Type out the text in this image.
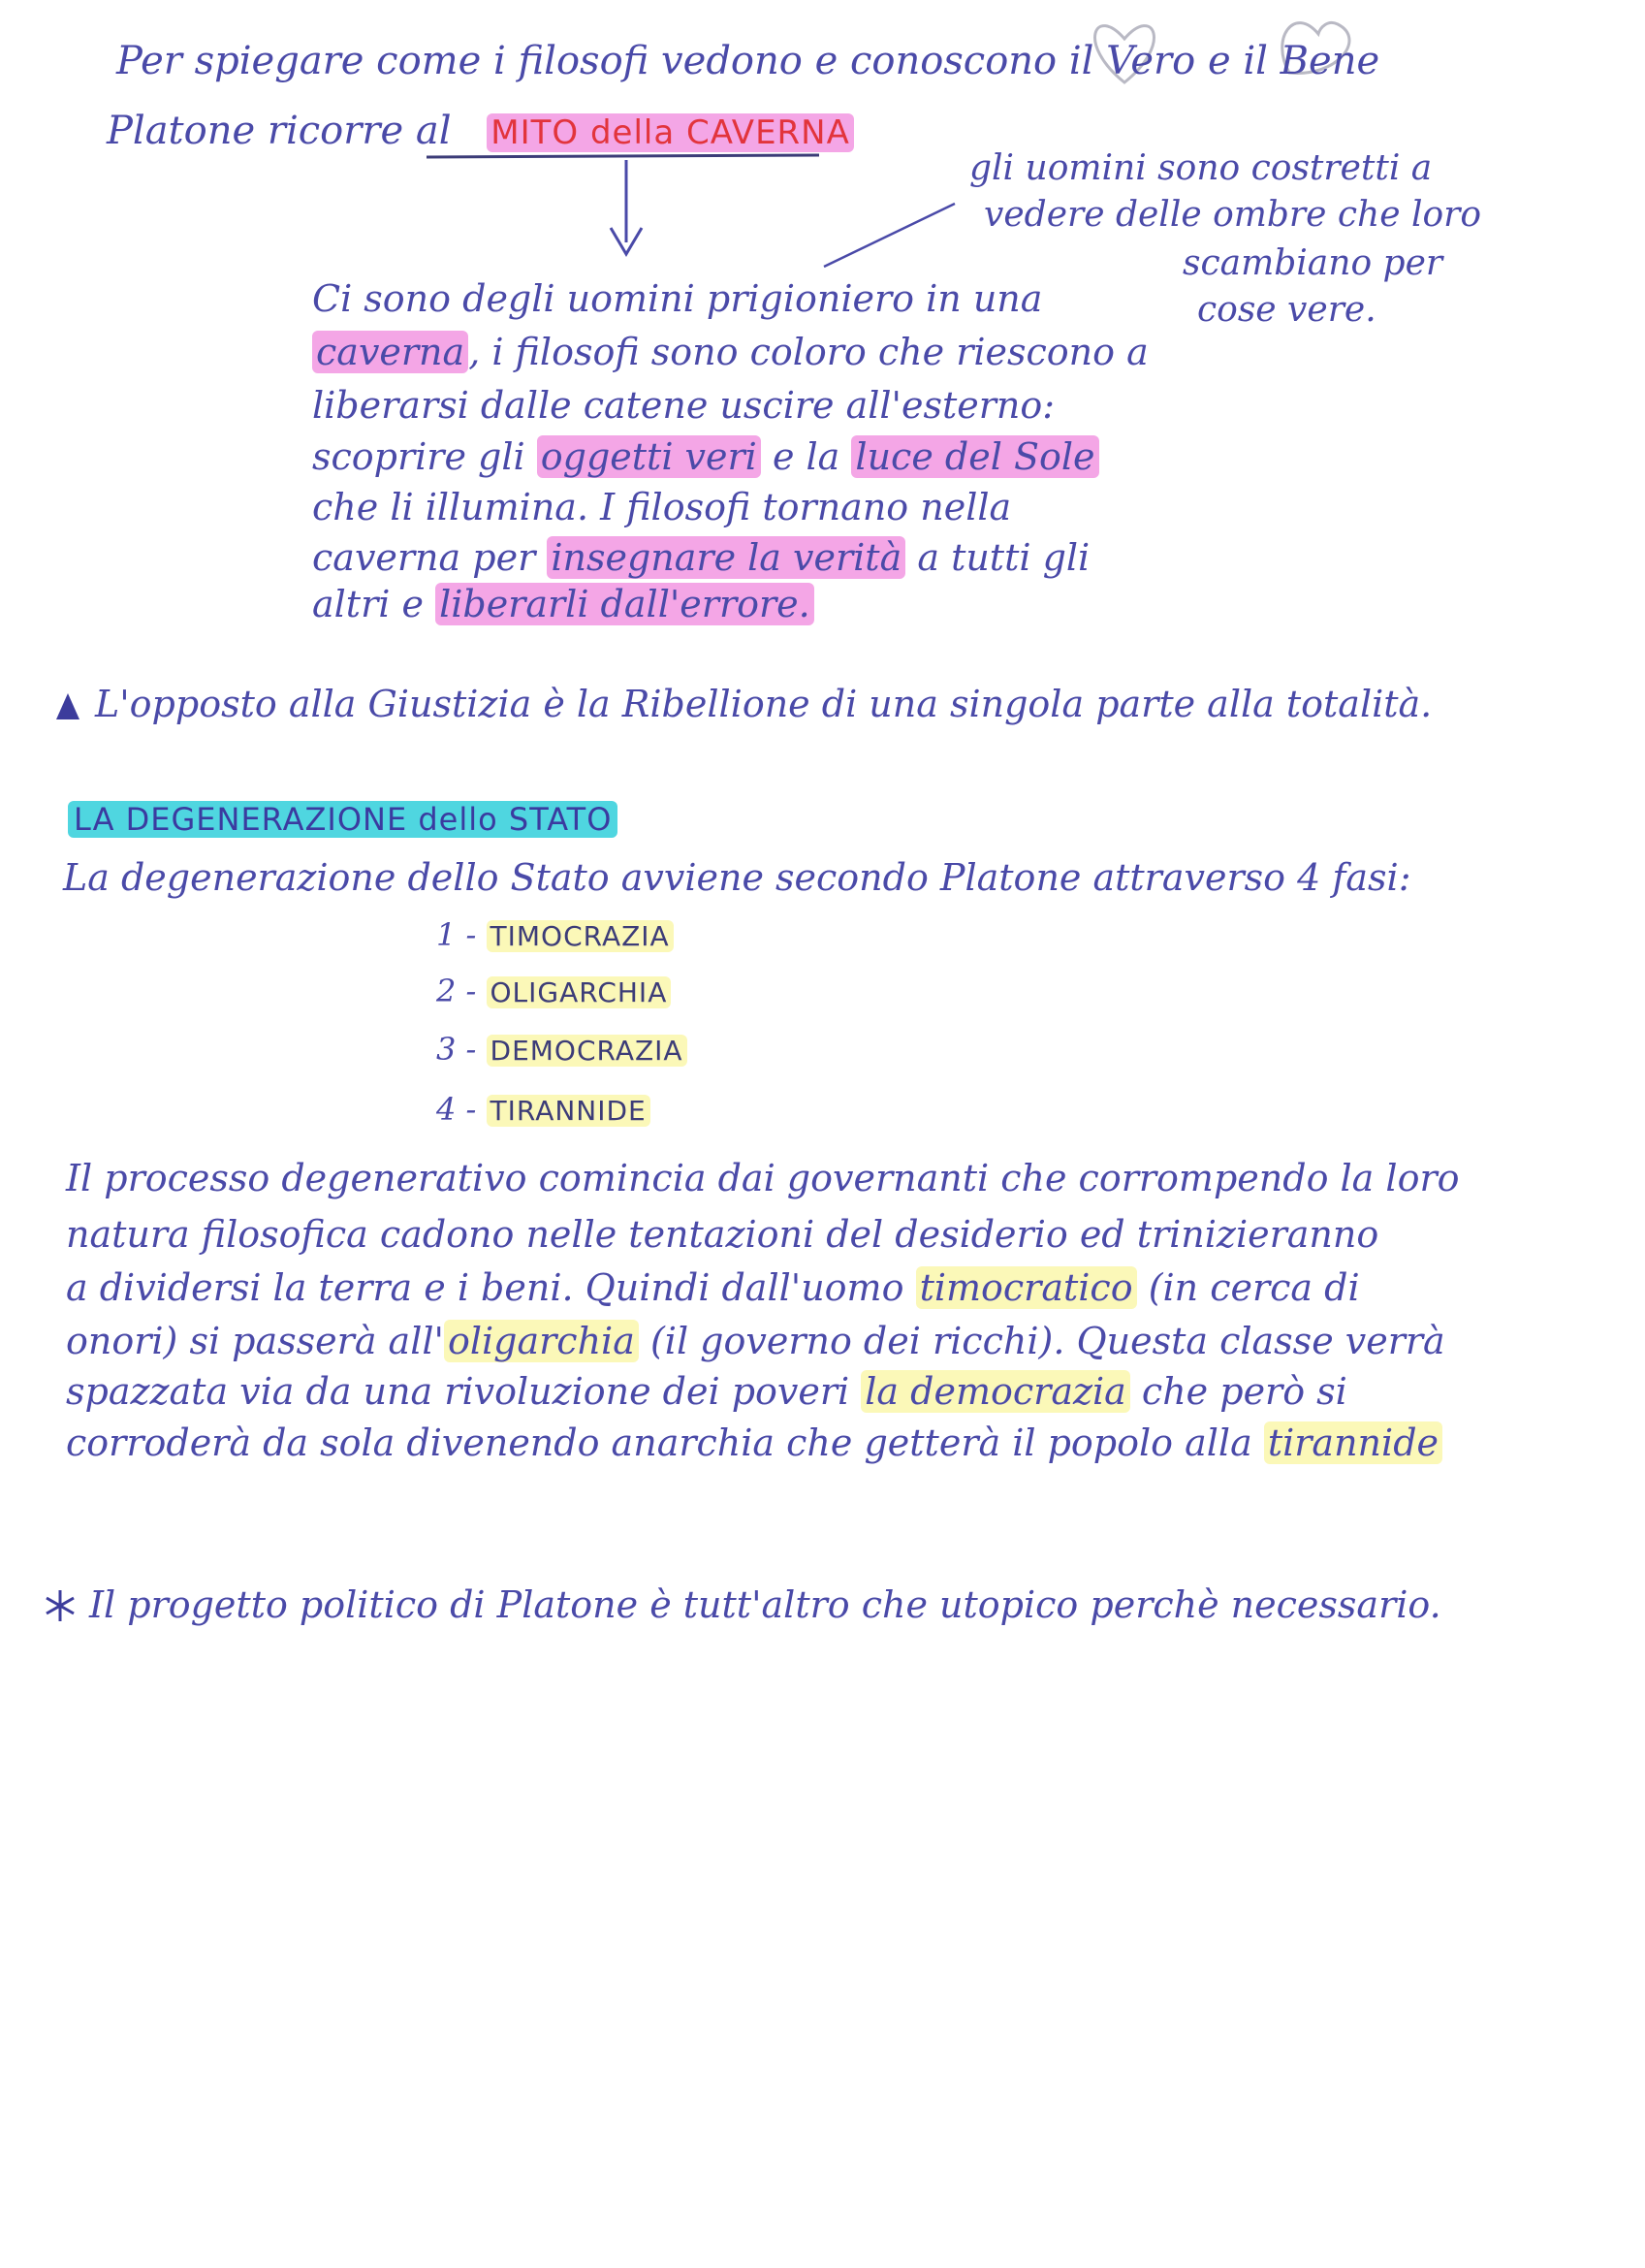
Per spiegare come i filosofi vedono e conoscono il Vero e il Bene
Platone ricorre al MITO della CAVERNA
gli uomini sono costretti a
vedere delle ombre che loro
scambiano per
cose vere.
Ci sono degli uomini prigioniero in una
caverna , i filosofi sono coloro che riescono a
liberarsi dalle catene uscire all'esterno:
scoprire gli oggetti veri e la luce del Sole
che li illumina. I filosofi tornano nella
caverna per insegnare la verità a tutti gli
altri e liberarli dall'errore.
L'opposto alla Giustizia è la Ribellione di una singola parte alla totalità.
LA DEGENERAZIONE dello STATO
La degenerazione dello Stato avviene secondo Platone attraverso 4 fasi:
1 - TIMOCRAZIA
2 - OLIGARCHIA
3 - DEMOCRAZIA
4 - TIRANNIDE
Il processo degenerativo comincia dai governanti che corrompendo la loro
natura filosofica cadono nelle tentazioni del desiderio ed trinizieranno
a dividersi la terra e i beni. Quindi dall'uomo timocratico (in cerca di
onori) si passerà all' oligarchia (il governo dei ricchi). Questa classe verrà
spazzata via da una rivoluzione dei poveri la democrazia che però si
corroderà da sola divenendo anarchia che getterà il popolo alla tirannide
Il progetto politico di Platone è tutt'altro che utopico perchè necessario.
